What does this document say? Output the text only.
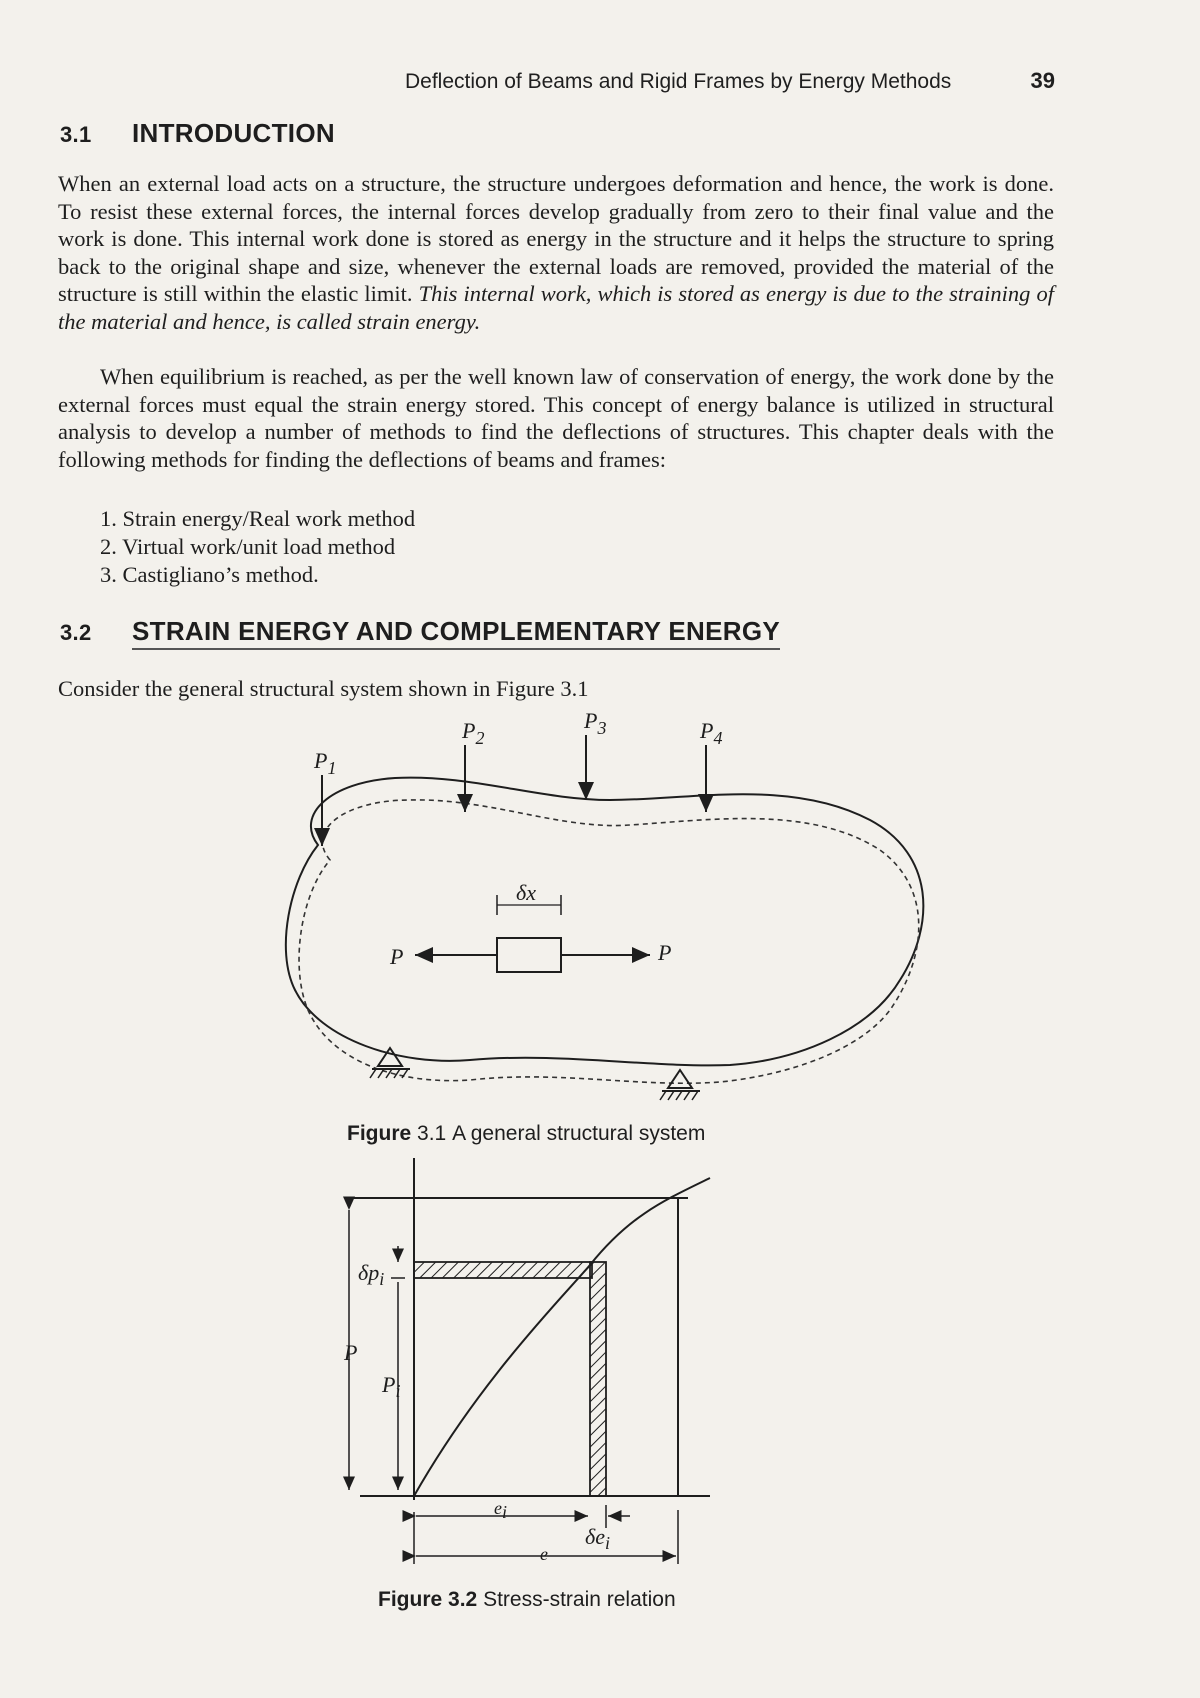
Deflection of Beams and Rigid Frames by Energy Methods	39
3.1 INTRODUCTION
When an external load acts on a structure, the structure undergoes deformation and hence, the work is done. To resist these external forces, the internal forces develop gradually from zero to their final value and the work is done. This internal work done is stored as energy in the structure and it helps the structure to spring back to the original shape and size, whenever the external loads are removed, provided the material of the structure is still within the elastic limit. This internal work, which is stored as energy is due to the straining of the material and hence, is called strain energy.
When equilibrium is reached, as per the well known law of conservation of energy, the work done by the external forces must equal the strain energy stored. This concept of energy balance is utilized in structural analysis to develop a number of methods to find the deflections of structures. This chapter deals with the following methods for finding the deflections of beams and frames:
1. Strain energy/Real work method
2. Virtual work/unit load method
3. Castigliano’s method.
3.2 STRAIN ENERGY AND COMPLEMENTARY ENERGY
Consider the general structural system shown in Figure 3.1
$P_1$
$P_2$
$P_3$	$P_4$
P	P
δx
P
$P_i$
$\delta p_i$
ei
$\delta e_i$
e
Figure 3.1 A general structural system
Figure 3.2 Stress-strain relation
